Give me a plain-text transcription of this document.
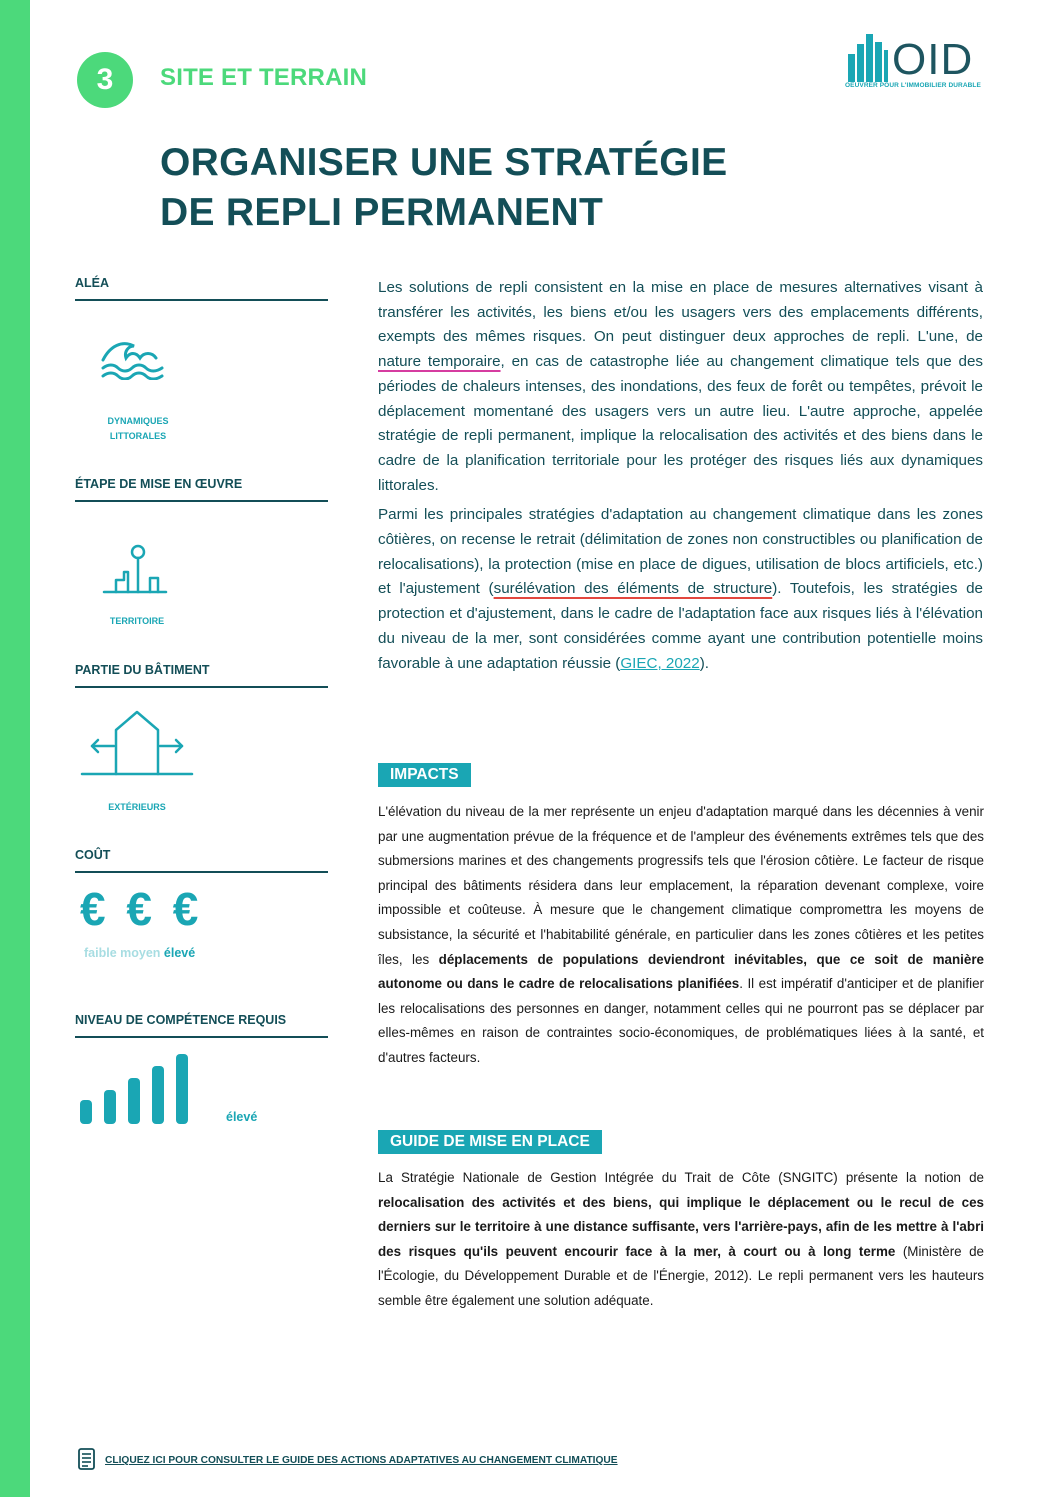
3	SITE ET TERRAIN	OID
OEUVRER POUR L'IMMOBILIER DURABLE
ORGANISER UNE STRATÉGIE
DE REPLI PERMANENT
ALÉA
DYNAMIQUES
LITTORALES
ÉTAPE DE MISE EN ŒUVRE
TERRITOIRE
PARTIE DU BÂTIMENT
EXTÉRIEURS
COÛT
€ € €
faible moyen élevé
NIVEAU DE COMPÉTENCE REQUIS
élevé

Les solutions de repli consistent en la mise en place de mesures alternatives visant à transférer les activités, les biens et/ou les usagers vers des emplacements différents, exempts des mêmes risques. On peut distinguer deux approches de repli. L'une, de nature temporaire, en cas de catastrophe liée au changement climatique tels que des périodes de chaleurs intenses, des inondations, des feux de forêt ou tempêtes, prévoit le déplacement momentané des usagers vers un autre lieu. L'autre approche, appelée stratégie de repli permanent, implique la relocalisation des activités et des biens dans le cadre de la planification territoriale pour les protéger des risques liés aux dynamiques littorales.

Parmi les principales stratégies d'adaptation au changement climatique dans les zones côtières, on recense le retrait (délimitation de zones non constructibles ou planification de relocalisations), la protection (mise en place de digues, utilisation de blocs artificiels, etc.) et l'ajustement (surélévation des éléments de structure). Toutefois, les stratégies de protection et d'ajustement, dans le cadre de l'adaptation face aux risques liés à l'élévation du niveau de la mer, sont considérées comme ayant une contribution potentielle moins favorable à une adaptation réussie (GIEC, 2022).

IMPACTS
L'élévation du niveau de la mer représente un enjeu d'adaptation marqué dans les décennies à venir par une augmentation prévue de la fréquence et de l'ampleur des événements extrêmes tels que des submersions marines et des changements progressifs tels que l'érosion côtière. Le facteur de risque principal des bâtiments résidera dans leur emplacement, la réparation devenant complexe, voire impossible et coûteuse. À mesure que le changement climatique compromettra les moyens de subsistance, la sécurité et l'habitabilité générale, en particulier dans les zones côtières et les petites îles, les déplacements de populations deviendront inévitables, que ce soit de manière autonome ou dans le cadre de relocalisations planifiées. Il est impératif d'anticiper et de planifier les relocalisations des personnes en danger, notamment celles qui ne pourront pas se déplacer par elles-mêmes en raison de contraintes socio-économiques, de problématiques liées à la santé, et d'autres facteurs.
GUIDE DE MISE EN PLACE
La Stratégie Nationale de Gestion Intégrée du Trait de Côte (SNGITC) présente la notion de relocalisation des activités et des biens, qui implique le déplacement ou le recul de ces derniers sur le territoire à une distance suffisante, vers l'arrière-pays, afin de les mettre à l'abri des risques qu'ils peuvent encourir face à la mer, à court ou à long terme (Ministère de l'Écologie, du Développement Durable et de l'Énergie, 2012). Le repli permanent vers les hauteurs semble être également une solution adéquate.
CLIQUEZ ICI POUR CONSULTER LE GUIDE DES ACTIONS ADAPTATIVES AU CHANGEMENT CLIMATIQUE
